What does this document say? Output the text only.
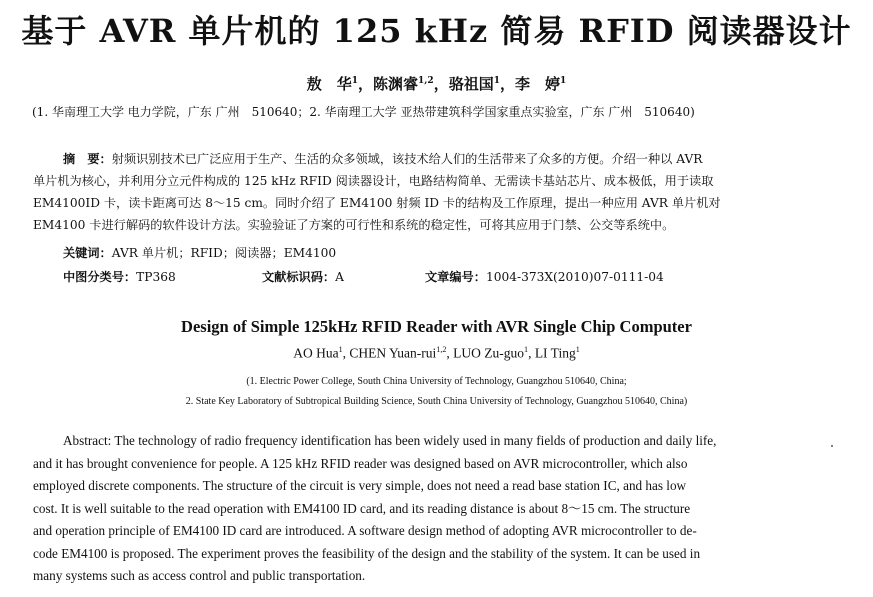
基于 AVR 单片机的 125 kHz 简易 RFID 阅读器设计
敖　华$^1$，陈渊睿$^{1,2}$，骆祖国$^1$，李　婷$^1$
(1. 华南理工大学 电力学院，广东 广州　510640；2. 华南理工大学 亚热带建筑科学国家重点实验室，广东 广州　510640)
摘　要：射频识别技术已广泛应用于生产、生活的众多领域，该技术给人们的生活带来了众多的方便。介绍一种以 AVR
单片机为核心，并利用分立元件构成的 125 kHz RFID 阅读器设计，电路结构简单、无需读卡基站芯片、成本极低，用于读取
EM4100ID 卡，读卡距离可达 8～15 cm。同时介绍了 EM4100 射频 ID 卡的结构及工作原理，提出一种应用 AVR 单片机对
EM4100 卡进行解码的软件设计方法。实验验证了方案的可行性和系统的稳定性，可将其应用于门禁、公交等系统中。
关键词：AVR 单片机；RFID；阅读器；EM4100
中图分类号：TP368	文献标识码：A	文章编号：1004-373X(2010)07-0111-04
Design of Simple 125kHz RFID Reader with AVR Single Chip Computer
AO Hua$^1$, CHEN Yuan-rui$^{1,2}$, LUO Zu-guo$^1$, LI Ting$^1$
(1. Electric Power College, South China University of Technology, Guangzhou 510640, China;
2. State Key Laboratory of Subtropical Building Science, South China University of Technology, Guangzhou 510640, China)
Abstract: The technology of radio frequency identification has been widely used in many fields of production and daily life,
and it has brought convenience for people. A 125 kHz RFID reader was designed based on AVR microcontroller, which also
employed discrete components. The structure of the circuit is very simple, does not need a read base station IC, and has low
cost. It is well suitable to the read operation with EM4100 ID card, and its reading distance is about 8～15 cm. The structure
and operation principle of EM4100 ID card are introduced. A software design method of adopting AVR microcontroller to de-
code EM4100 is proposed. The experiment proves the feasibility of the design and the stability of the system. It can be used in
many systems such as access control and public transportation.
